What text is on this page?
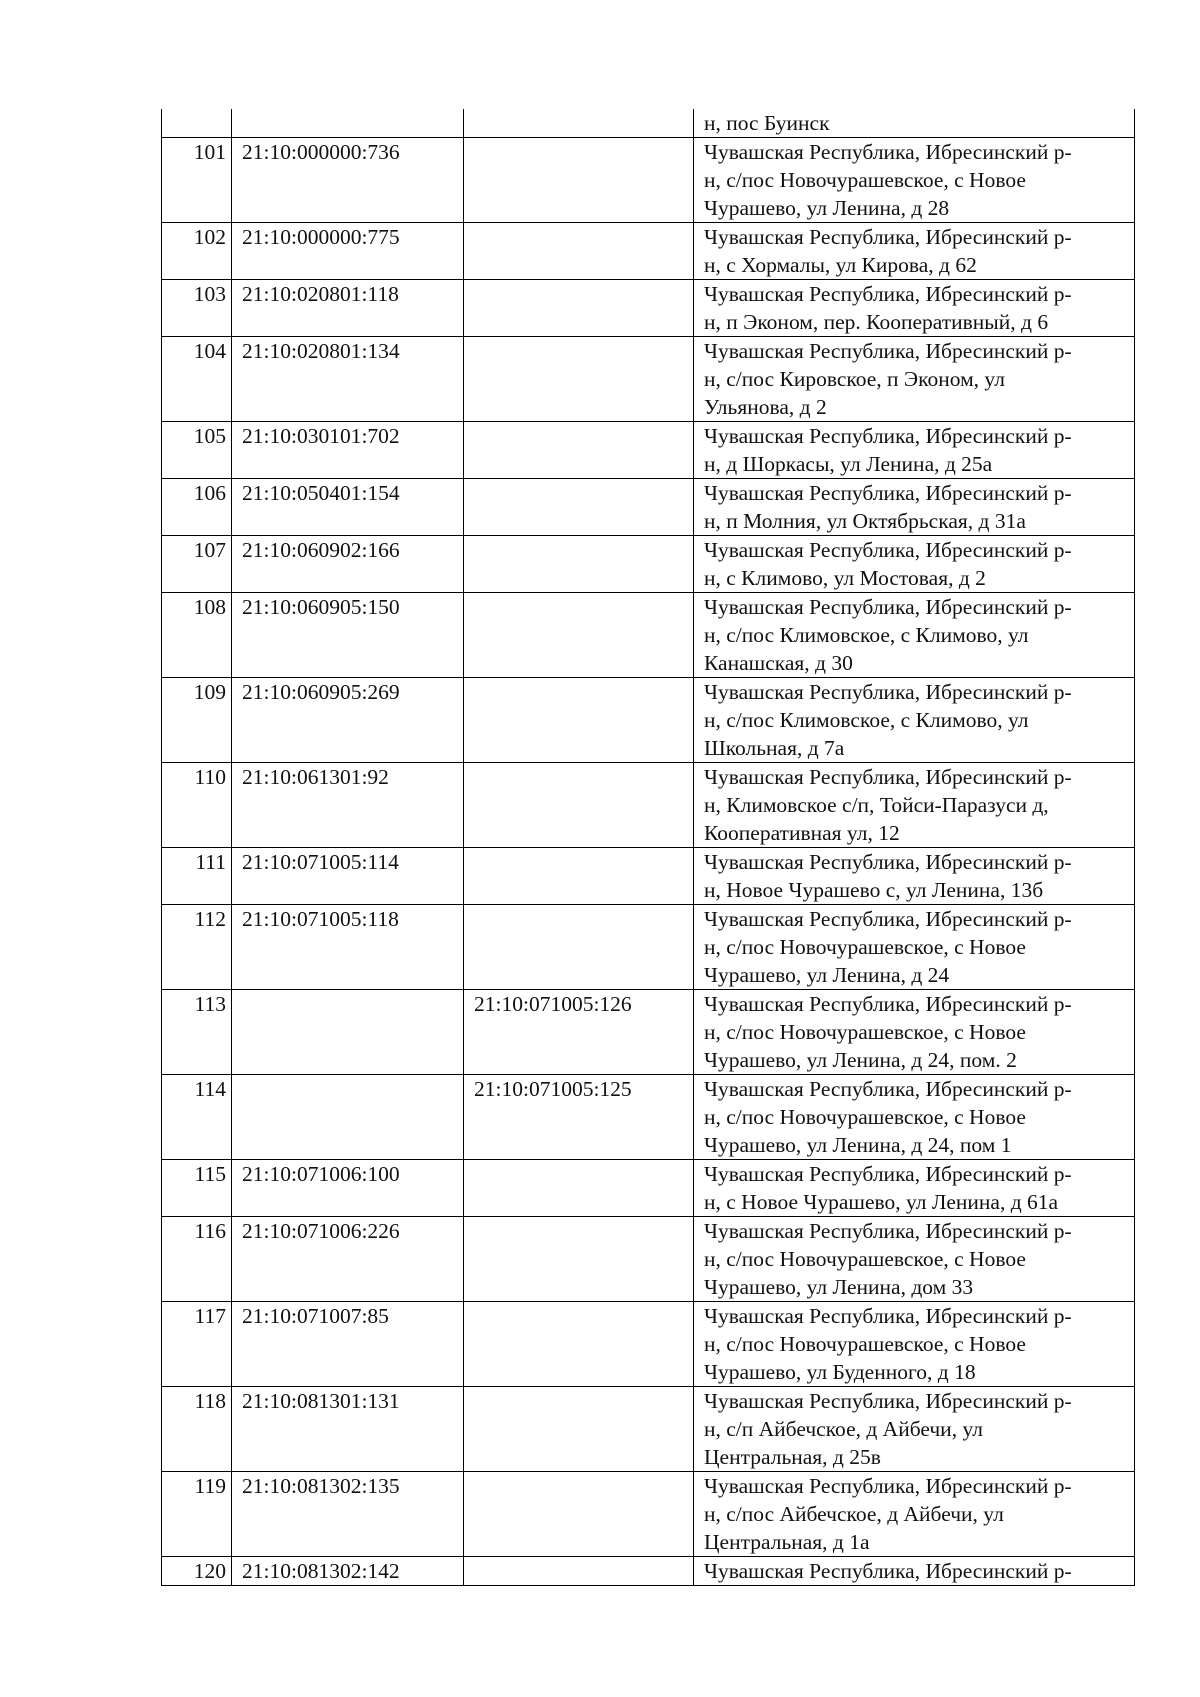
			н, пос Буинск

101	21:10:000000:736		Чувашская Республика, Ибресинский р-
н, с/пос Новочурашевское, с Новое
Чурашево, ул Ленина, д 28

102	21:10:000000:775		Чувашская Республика, Ибресинский р-
н, с Хормалы, ул Кирова, д 62

103	21:10:020801:118		Чувашская Республика, Ибресинский р-
н, п Эконом, пер. Кооперативный, д 6

104	21:10:020801:134		Чувашская Республика, Ибресинский р-
н, с/пос Кировское, п Эконом, ул
Ульянова, д 2

105	21:10:030101:702		Чувашская Республика, Ибресинский р-
н, д Шоркасы, ул Ленина, д 25а

106	21:10:050401:154		Чувашская Республика, Ибресинский р-
н, п Молния, ул Октябрьская, д 31а

107	21:10:060902:166		Чувашская Республика, Ибресинский р-
н, с Климово, ул Мостовая, д 2

108	21:10:060905:150		Чувашская Республика, Ибресинский р-
н, с/пос Климовское, с Климово, ул
Канашская, д 30

109	21:10:060905:269		Чувашская Республика, Ибресинский р-
н, с/пос Климовское, с Климово, ул
Школьная, д 7а

110	21:10:061301:92		Чувашская Республика, Ибресинский р-
н, Климовское с/п, Тойси-Паразуси д,
Кооперативная ул, 12

111	21:10:071005:114		Чувашская Республика, Ибресинский р-
н, Новое Чурашево с, ул Ленина, 13б

112	21:10:071005:118		Чувашская Республика, Ибресинский р-
н, с/пос Новочурашевское, с Новое
Чурашево, ул Ленина, д 24

113		21:10:071005:126	Чувашская Республика, Ибресинский р-
н, с/пос Новочурашевское, с Новое
Чурашево, ул Ленина, д 24, пом. 2

114		21:10:071005:125	Чувашская Республика, Ибресинский р-
н, с/пос Новочурашевское, с Новое
Чурашево, ул Ленина, д 24, пом 1

115	21:10:071006:100		Чувашская Республика, Ибресинский р-
н, с Новое Чурашево, ул Ленина, д 61а

116	21:10:071006:226		Чувашская Республика, Ибресинский р-
н, с/пос Новочурашевское, с Новое
Чурашево, ул Ленина, дом 33

117	21:10:071007:85		Чувашская Республика, Ибресинский р-
н, с/пос Новочурашевское, с Новое
Чурашево, ул Буденного, д 18

118	21:10:081301:131		Чувашская Республика, Ибресинский р-
н, с/п Айбечское, д Айбечи, ул
Центральная, д 25в

119	21:10:081302:135		Чувашская Республика, Ибресинский р-
н, с/пос Айбечское, д Айбечи, ул
Центральная, д 1а

120	21:10:081302:142		Чувашская Республика, Ибресинский р-
